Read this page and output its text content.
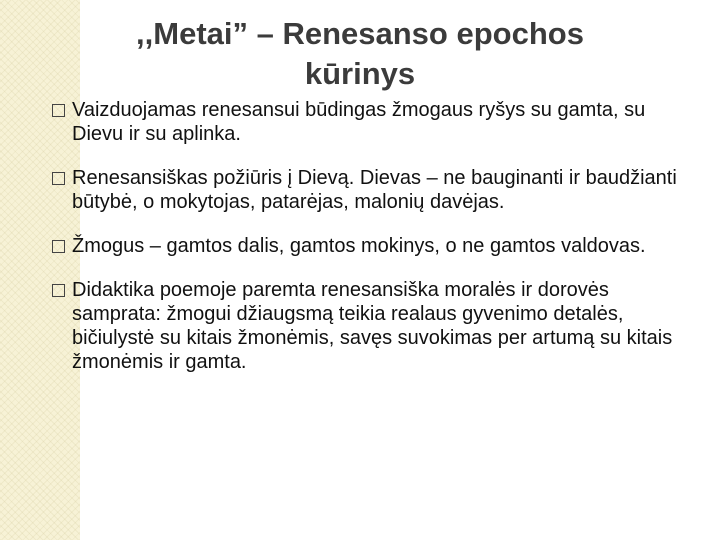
,,Metai” – Renesanso epochos
kūrinys
Vaizduojamas renesansui būdingas žmogaus ryšys su gamta, su Dievu ir su aplinka.
Renesansiškas požiūris į Dievą. Dievas – ne bauginanti ir baudžianti būtybė, o mokytojas, patarėjas, malonių davėjas.
Žmogus – gamtos dalis, gamtos mokinys, o ne gamtos valdovas.
Didaktika poemoje paremta renesansiška moralės ir dorovės samprata: žmogui džiaugsmą teikia realaus gyvenimo detalės, bičiulystė su kitais žmonėmis, savęs suvokimas per artumą su kitais žmonėmis ir gamta.
